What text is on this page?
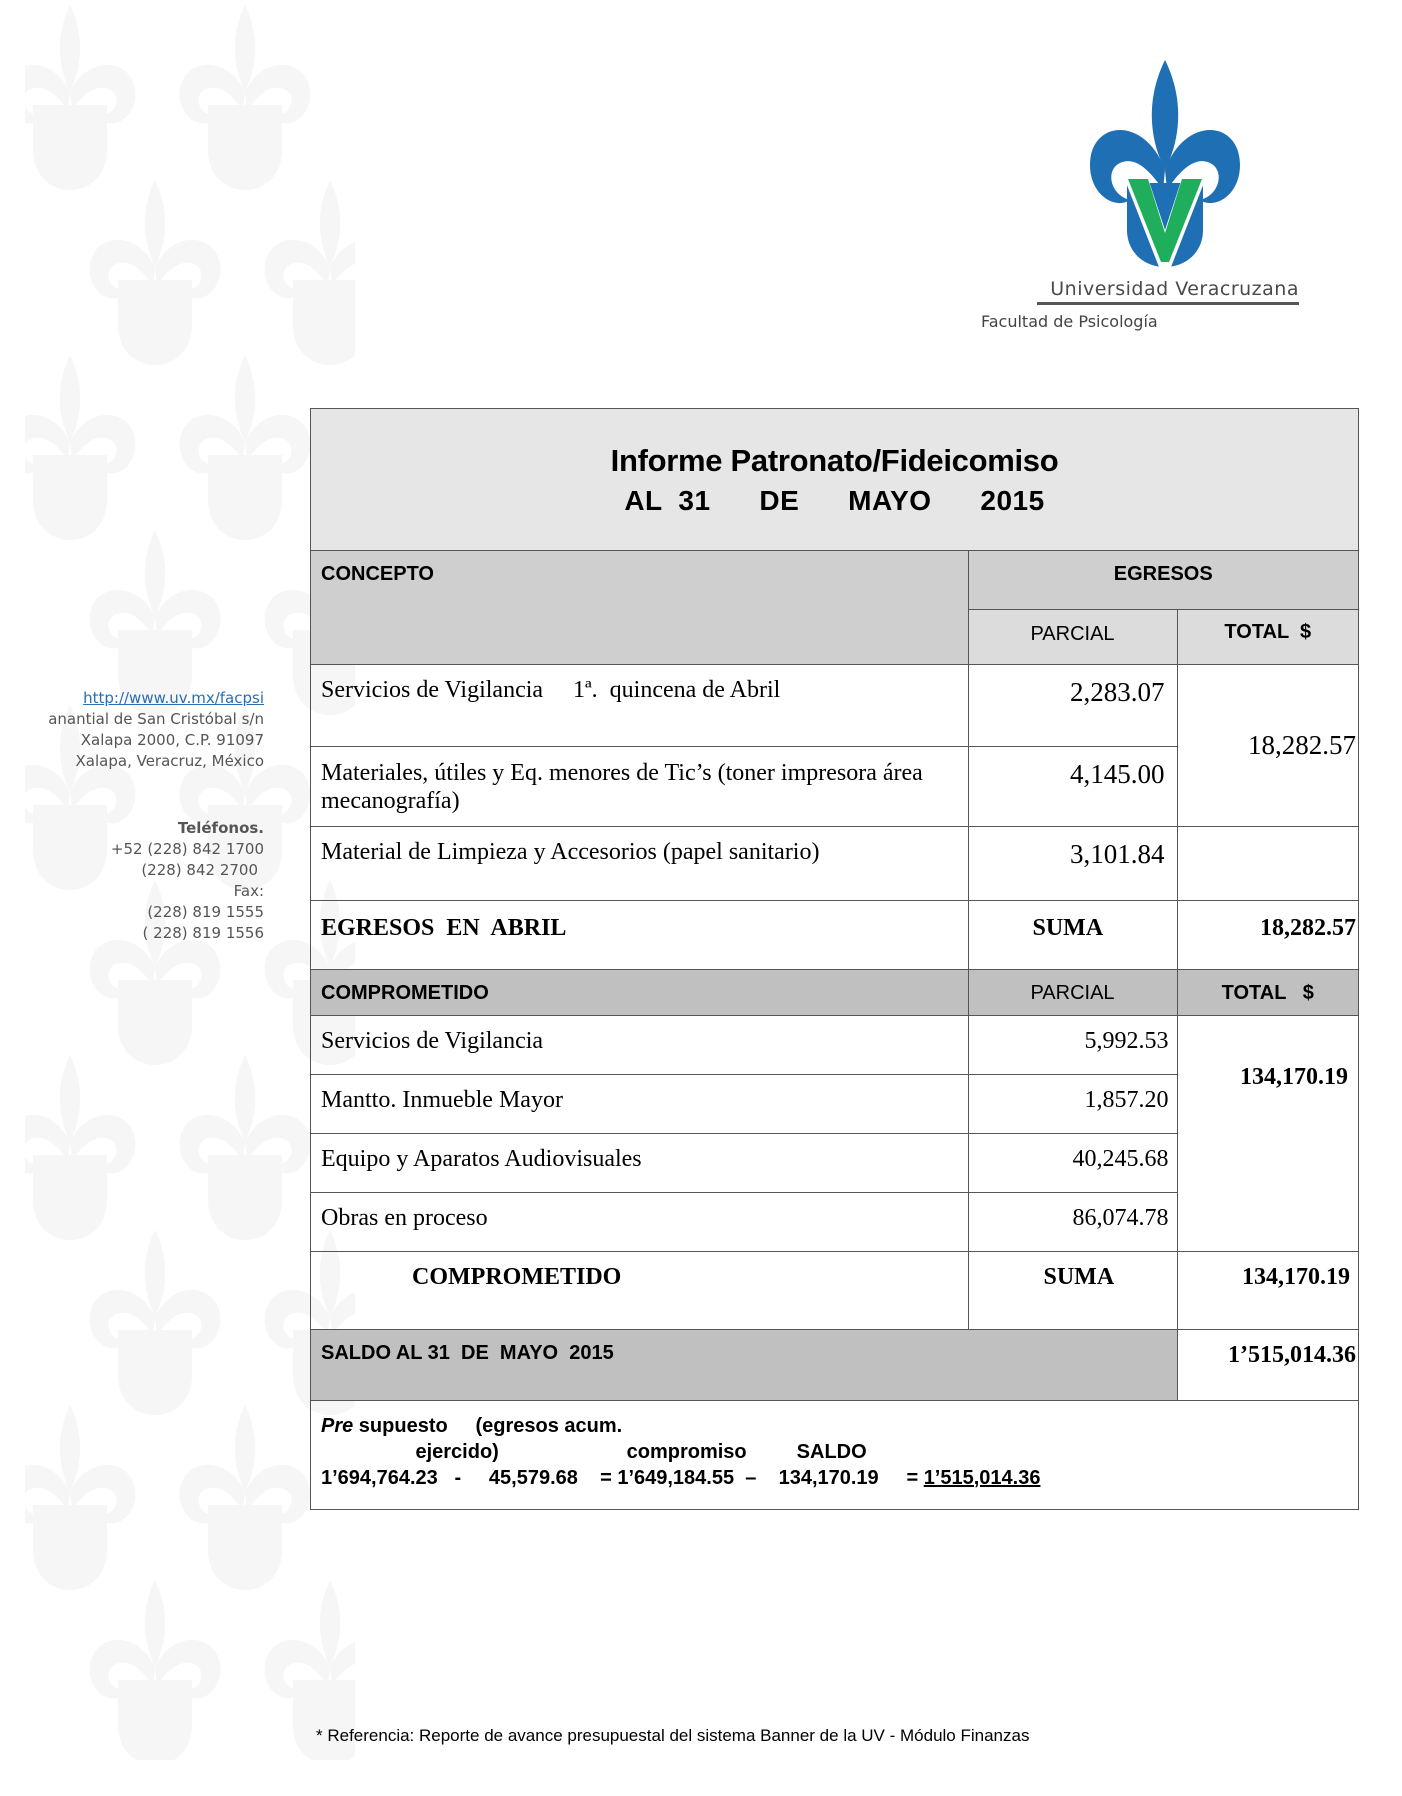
Universidad Veracruzana
Facultad de Psicología
http://www.uv.mx/facpsi
anantial de San Cristóbal s/n
Xalapa 2000, C.P. 91097
Xalapa, Veracruz, México
Teléfonos.
+52 (228) 842 1700
(228) 842 2700
Fax:
(228) 819 1555
( 228) 819 1556
Informe Patronato/Fideicomiso
AL 31   DE   MAYO   2015
CONCEPTO	EGRESOS	
	PARCIAL	TOTAL  $
Servicios de Vigilancia     1ª.  quincena de Abril	2,283.07	18,282.57
Materiales, útiles y Eq. menores de Tic’s (toner impresora área mecanografía)	4,145.00	
Material de Limpieza y Accesorios (papel sanitario)	3,101.84	
EGRESOS  EN  ABRIL	SUMA	18,282.57
COMPROMETIDO	PARCIAL	TOTAL   $
Servicios de Vigilancia	5,992.53	134,170.19
Mantto. Inmueble Mayor	1,857.20	
Equipo y Aparatos Audiovisuales	40,245.68	
Obras en proceso	86,074.78	
COMPROMETIDO	SUMA	134,170.19
SALDO AL 31  DE  MAYO  2015		1’515,014.36
Pre supuesto     (egresos acum.
ejercido)                       compromiso         SALDO
1’694,764.23   -     45,579.68    = 1’649,184.55  –    134,170.19     = 1’515,014.36
* Referencia: Reporte de avance presupuestal del sistema Banner de la UV - Módulo Finanzas
